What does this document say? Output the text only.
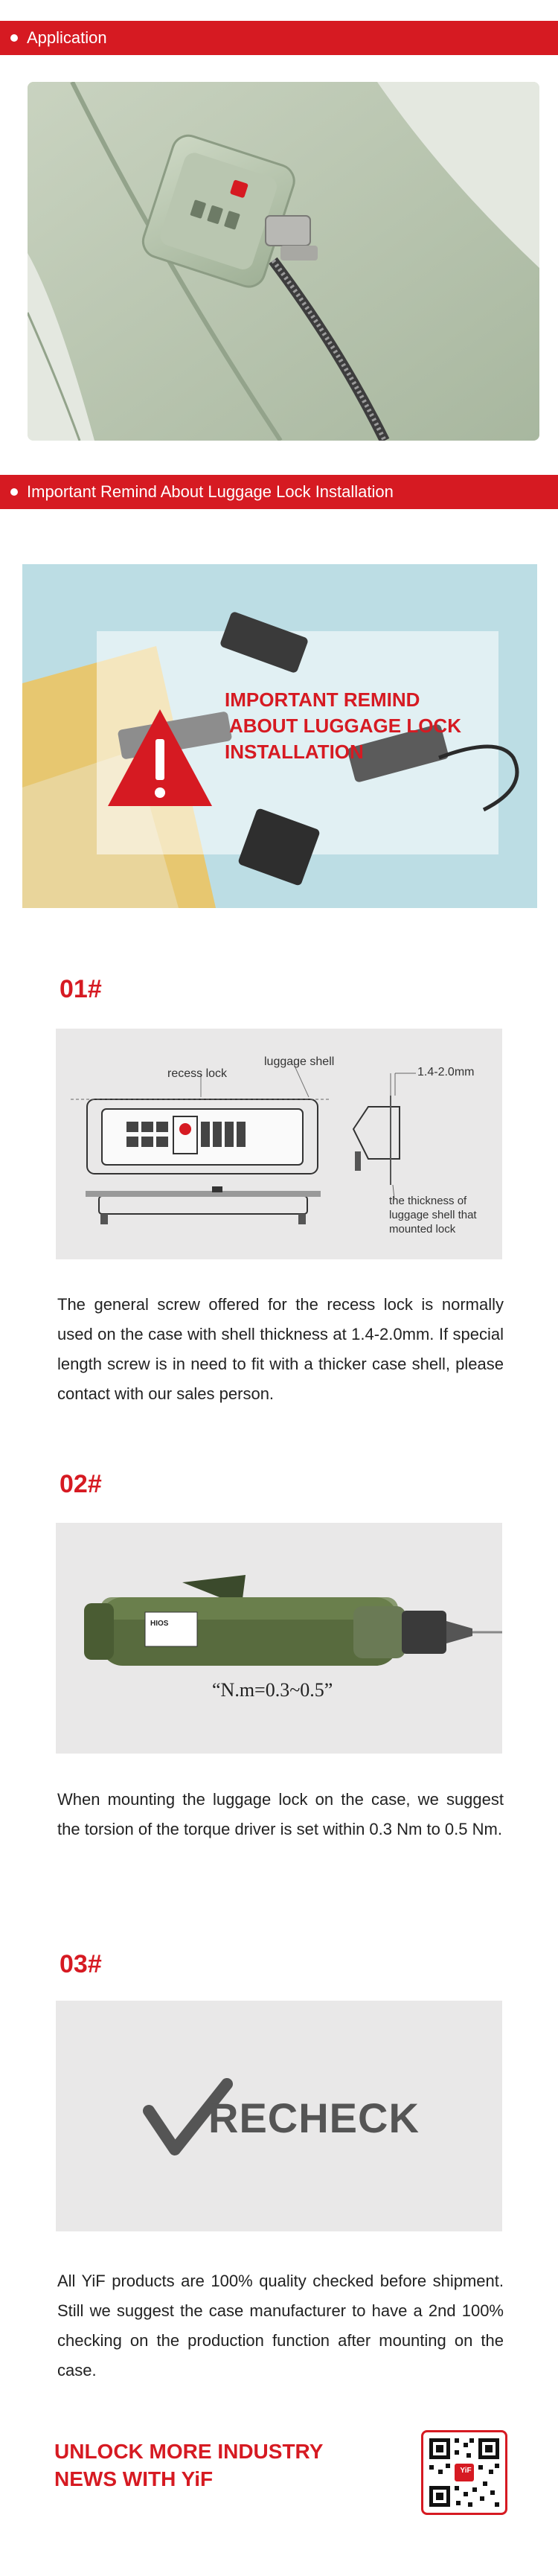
Application
Important Remind About Luggage Lock Installation
IMPORTANT REMIND
ABOUT LUGGAGE LOCK
INSTALLATION
01#
recess lock
luggage shell
1.4-2.0mm
the thickness of
luggage shell that
mounted lock
The general screw offered for the recess lock is normally used on the case with shell thickness at 1.4-2.0mm. If special length screw is in need to fit with a thicker case shell, please contact with our sales person.
02#
HIOS
“N.m=0.3~0.5”
When mounting the luggage lock on the case, we suggest the torsion of the torque driver is set within 0.3 Nm to 0.5 Nm.
03#
RECHECK
All YiF products are 100% quality checked before shipment. Still we suggest the case manufacturer to have a 2nd 100% checking on the production function after mounting on the case.
UNLOCK MORE INDUSTRY
NEWS WITH YiF	YiF
